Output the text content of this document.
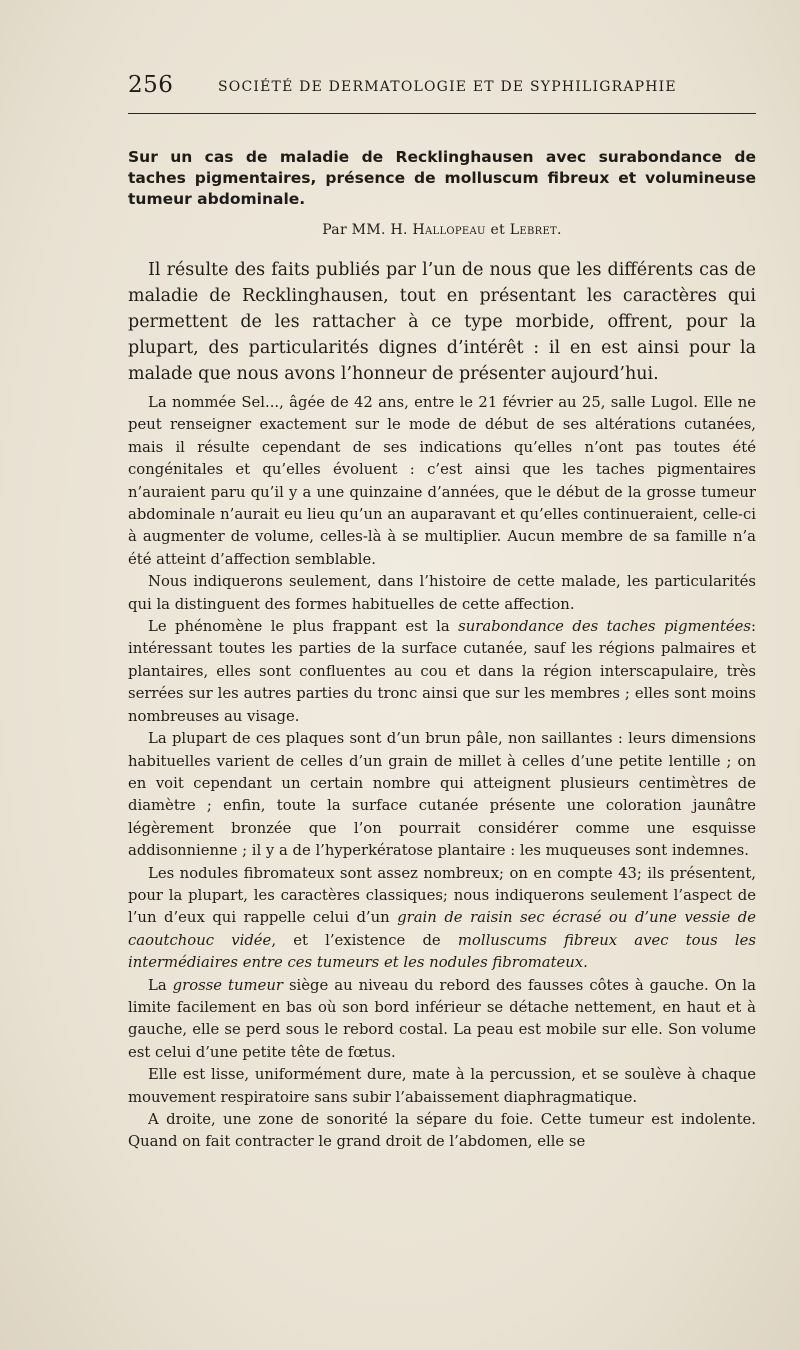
256	SOCIÉTÉ DE DERMATOLOGIE ET DE SYPHILIGRAPHIE
Sur un cas de maladie de Recklinghausen avec surabondance de taches pigmentaires, présence de molluscum fibreux et volumineuse tumeur abdominale.
Par MM. H. Hallopeau et Lebret.

Il résulte des faits publiés par l’un de nous que les différents cas de maladie de Recklinghausen, tout en présentant les caractères qui permettent de les rattacher à ce type morbide, offrent, pour la plupart, des particularités dignes d’intérêt : il en est ainsi pour la malade que nous avons l’honneur de présenter aujourd’hui.

La nommée Sel..., âgée de 42 ans, entre le 21 février au 25, salle Lugol. Elle ne peut renseigner exactement sur le mode de début de ses altérations cutanées, mais il résulte cependant de ses indications qu’elles n’ont pas toutes été congénitales et qu’elles évoluent : c’est ainsi que les taches pigmentaires n’auraient paru qu’il y a une quinzaine d’années, que le début de la grosse tumeur abdominale n’aurait eu lieu qu’un an auparavant et qu’elles continueraient, celle-ci à augmenter de volume, celles-là à se multiplier. Aucun membre de sa famille n’a été atteint d’affection semblable.

Nous indiquerons seulement, dans l’histoire de cette malade, les particularités qui la distinguent des formes habituelles de cette affection.

Le phénomène le plus frappant est la surabondance des taches pigmentées: intéressant toutes les parties de la surface cutanée, sauf les régions palmaires et plantaires, elles sont confluentes au cou et dans la région interscapulaire, très serrées sur les autres parties du tronc ainsi que sur les membres ; elles sont moins nombreuses au visage.

La plupart de ces plaques sont d’un brun pâle, non saillantes : leurs dimensions habituelles varient de celles d’un grain de millet à celles d’une petite lentille ; on en voit cependant un certain nombre qui atteignent plusieurs centimètres de diamètre ; enfin, toute la surface cutanée présente une coloration jaunâtre légèrement bronzée que l’on pourrait considérer comme une esquisse addisonnienne ; il y a de l’hyperkératose plantaire : les muqueuses sont indemnes.

Les nodules fibromateux sont assez nombreux; on en compte 43; ils présentent, pour la plupart, les caractères classiques; nous indiquerons seulement l’aspect de l’un d’eux qui rappelle celui d’un grain de raisin sec écrasé ou d’une vessie de caoutchouc vidée, et l’existence de molluscums fibreux avec tous les intermédiaires entre ces tumeurs et les nodules fibromateux.

La grosse tumeur siège au niveau du rebord des fausses côtes à gauche. On la limite facilement en bas où son bord inférieur se détache nettement, en haut et à gauche, elle se perd sous le rebord costal. La peau est mobile sur elle. Son volume est celui d’une petite tête de fœtus.

Elle est lisse, uniformément dure, mate à la percussion, et se soulève à chaque mouvement respiratoire sans subir l’abaissement diaphragmatique.

A droite, une zone de sonorité la sépare du foie. Cette tumeur est indolente. Quand on fait contracter le grand droit de l’abdomen, elle se
